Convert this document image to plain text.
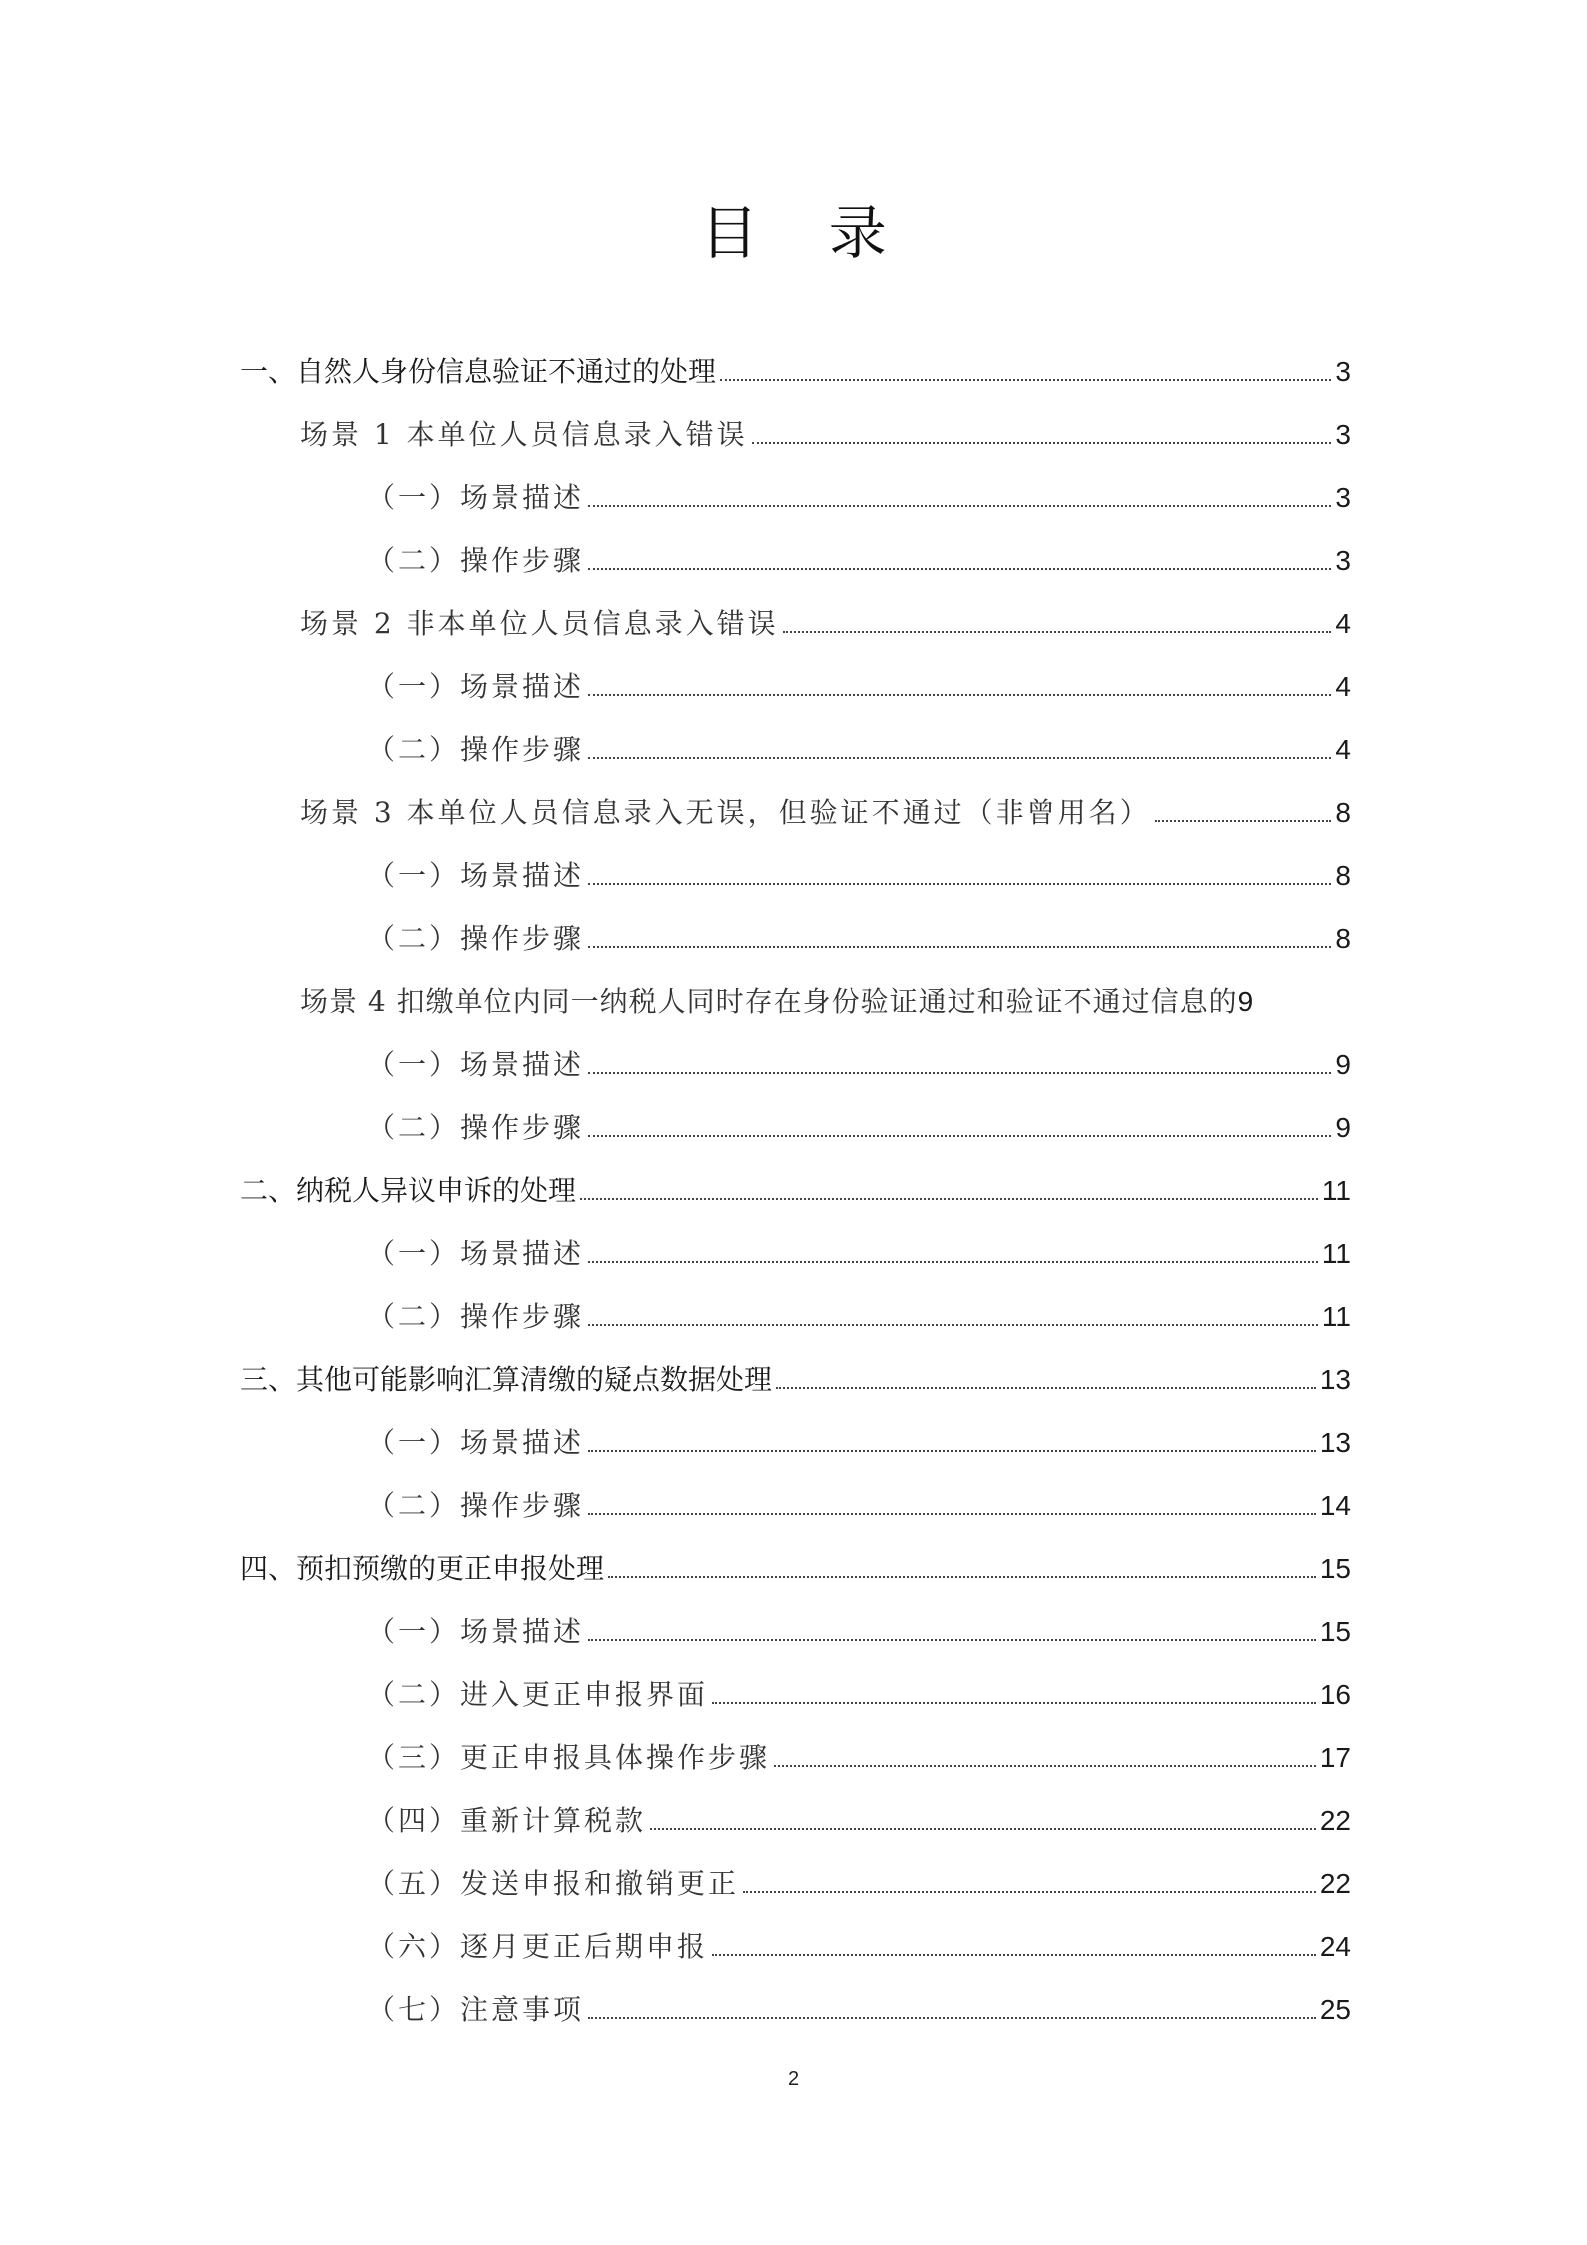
目 录
一、自然人身份信息验证不通过的处理	3
场景 1 本单位人员信息录入错误	3
（一）场景描述	3
（二）操作步骤	3
场景 2 非本单位人员信息录入错误	4
（一）场景描述	4
（二）操作步骤	4
场景 3 本单位人员信息录入无误，但验证不通过（非曾用名）	8
（一）场景描述	8
（二）操作步骤	8
场景 4 扣缴单位内同一纳税人同时存在身份验证通过和验证不通过信息的 9
（一）场景描述	9
（二）操作步骤	9
二、纳税人异议申诉的处理	11
（一）场景描述	11
（二）操作步骤	11
三、其他可能影响汇算清缴的疑点数据处理	13
（一）场景描述	13
（二）操作步骤	14
四、预扣预缴的更正申报处理	15
（一）场景描述	15
（二）进入更正申报界面	16
（三）更正申报具体操作步骤	17
（四）重新计算税款	22
（五）发送申报和撤销更正	22
（六）逐月更正后期申报	24
（七）注意事项	25
2
